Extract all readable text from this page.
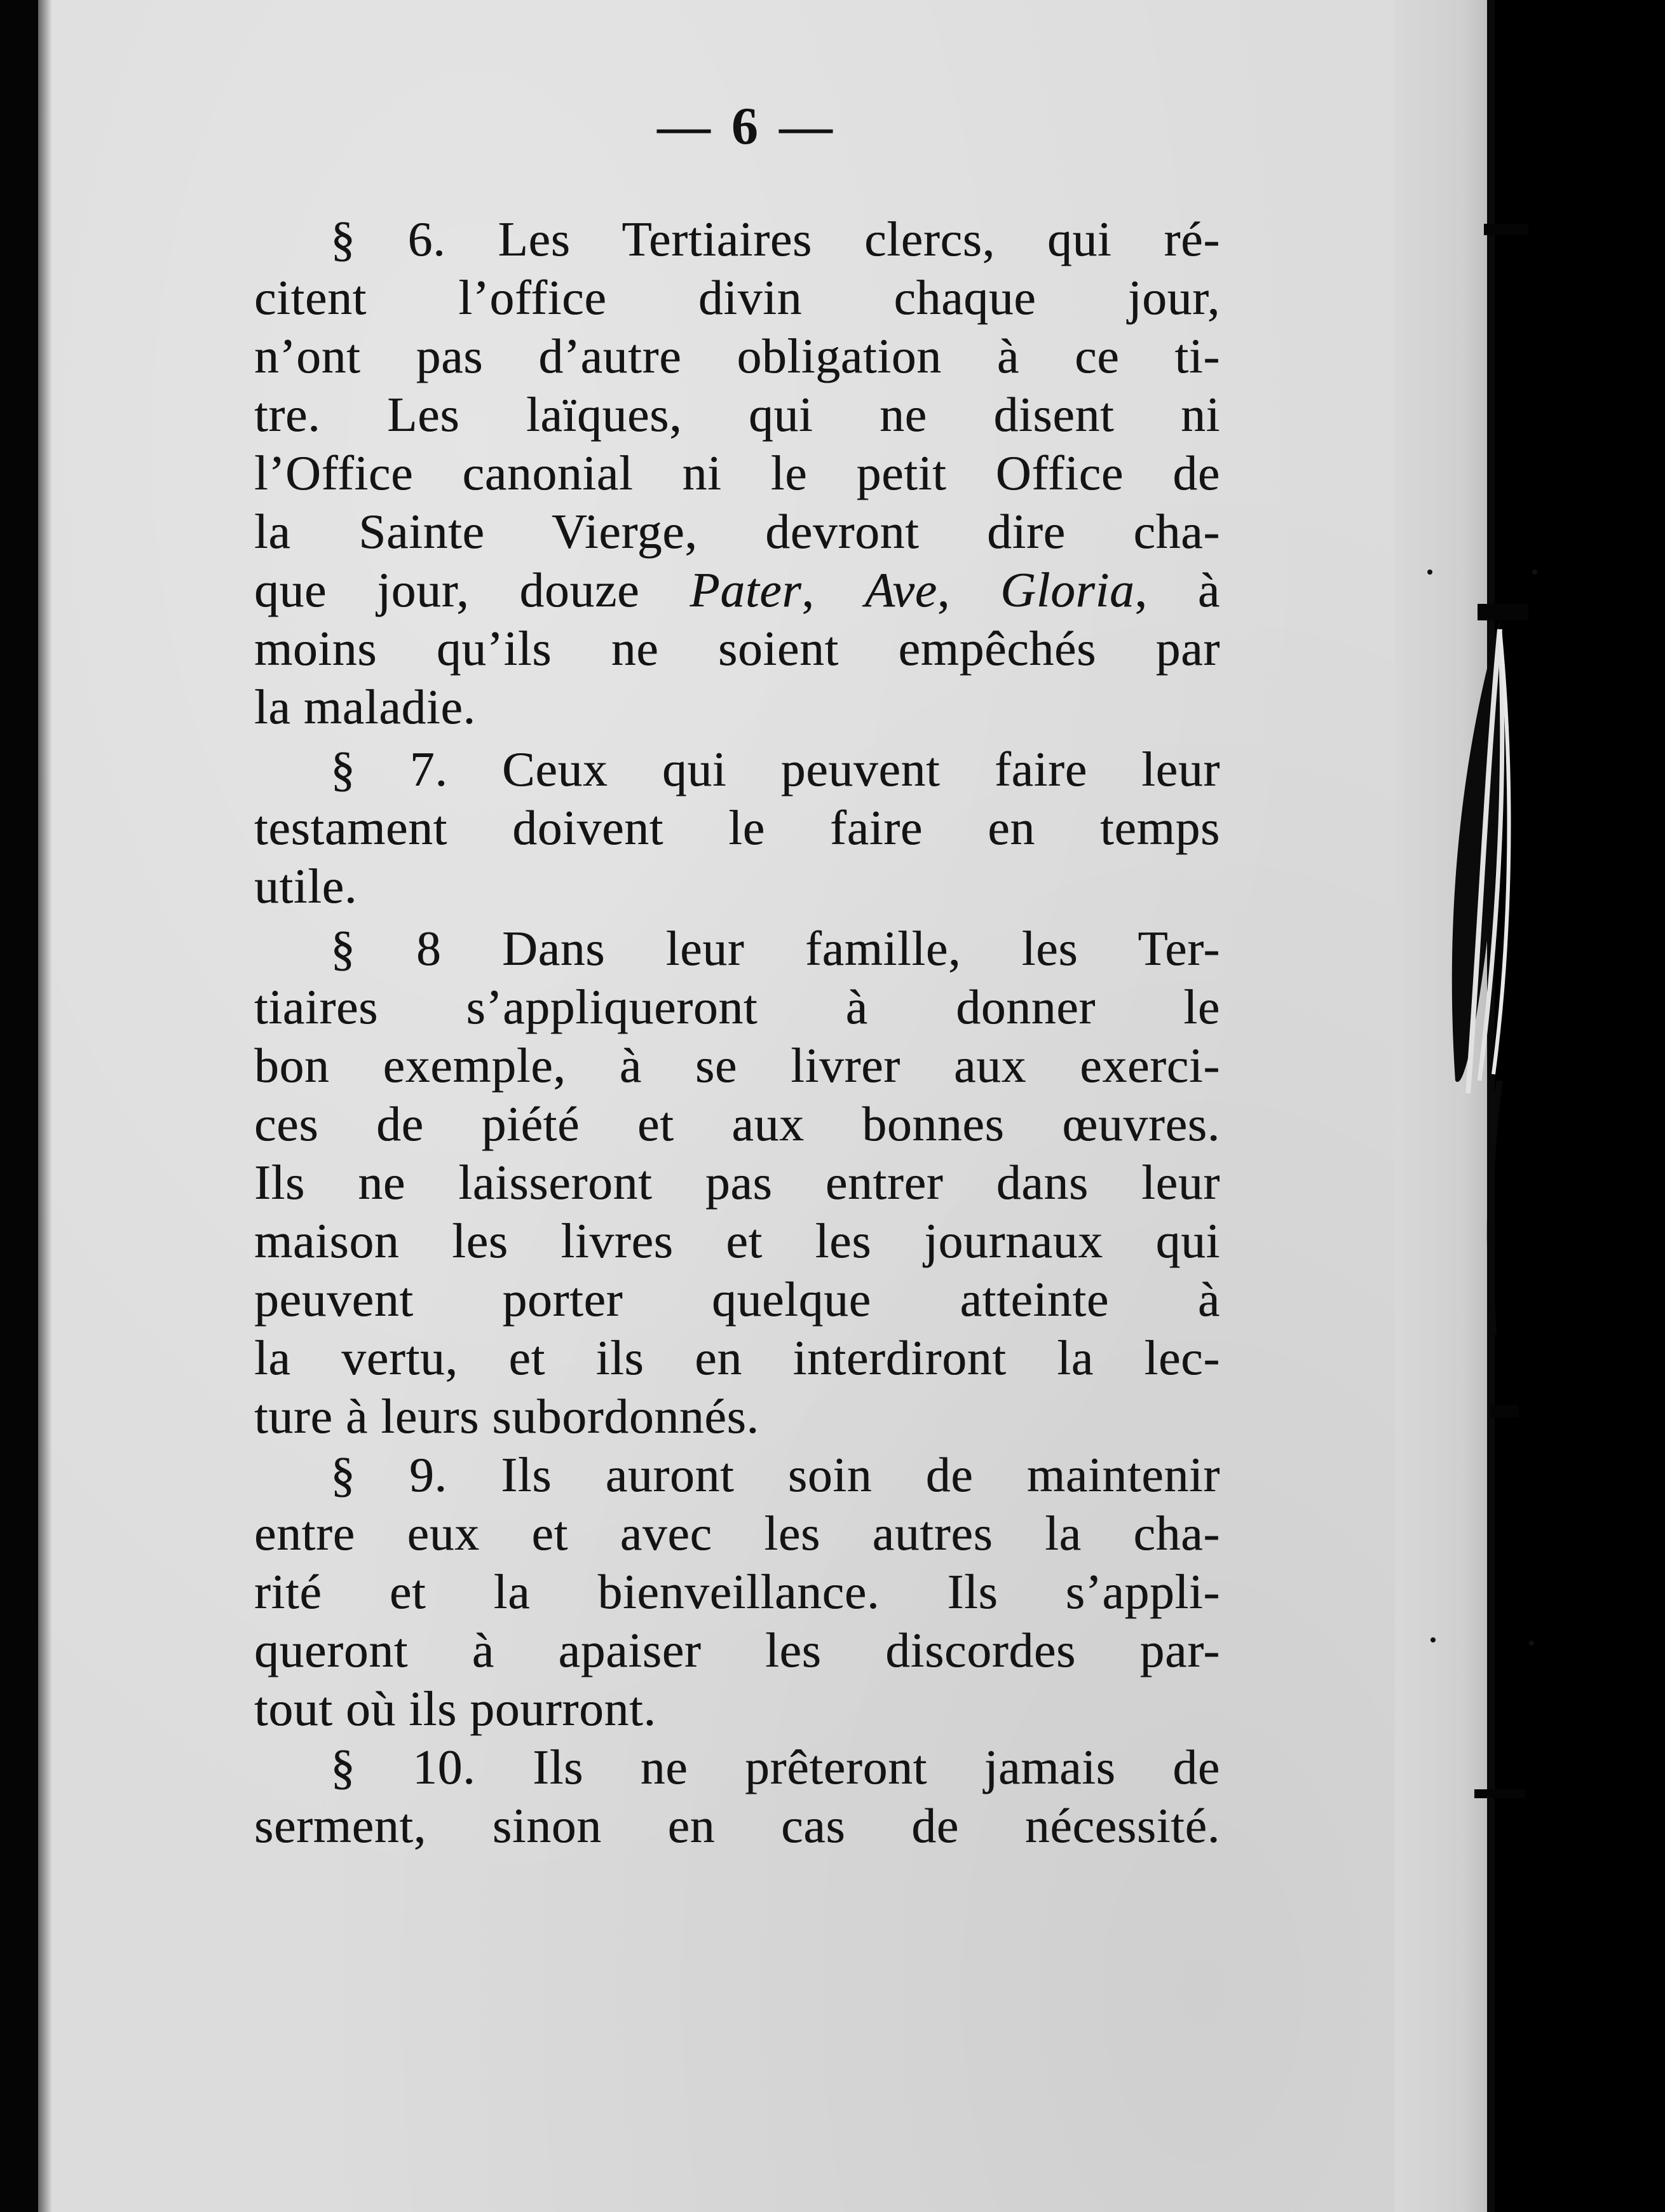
— 6 —
§ 6. Les Tertiaires clercs, qui ré-
citent l’office divin chaque jour,
n’ont pas d’autre obligation à ce ti-
tre. Les laïques, qui ne disent ni
l’Office canonial ni le petit Office de
la Sainte Vierge, devront dire cha-
que jour, douze Pater, Ave, Gloria, à
moins qu’ils ne soient empêchés par
la maladie.
§ 7. Ceux qui peuvent faire leur
testament doivent le faire en temps
utile.
§ 8 Dans leur famille, les Ter-
tiaires s’appliqueront à donner le
bon exemple, à se livrer aux exerci-
ces de piété et aux bonnes œuvres.
Ils ne laisseront pas entrer dans leur
maison les livres et les journaux qui
peuvent porter quelque atteinte à
la vertu, et ils en interdiront la lec-
ture à leurs subordonnés.
§ 9. Ils auront soin de maintenir
entre eux et avec les autres la cha-
rité et la bienveillance. Ils s’appli-
queront à apaiser les discordes par-
tout où ils pourront.
§ 10. Ils ne prêteront jamais de
serment, sinon en cas de nécessité.
